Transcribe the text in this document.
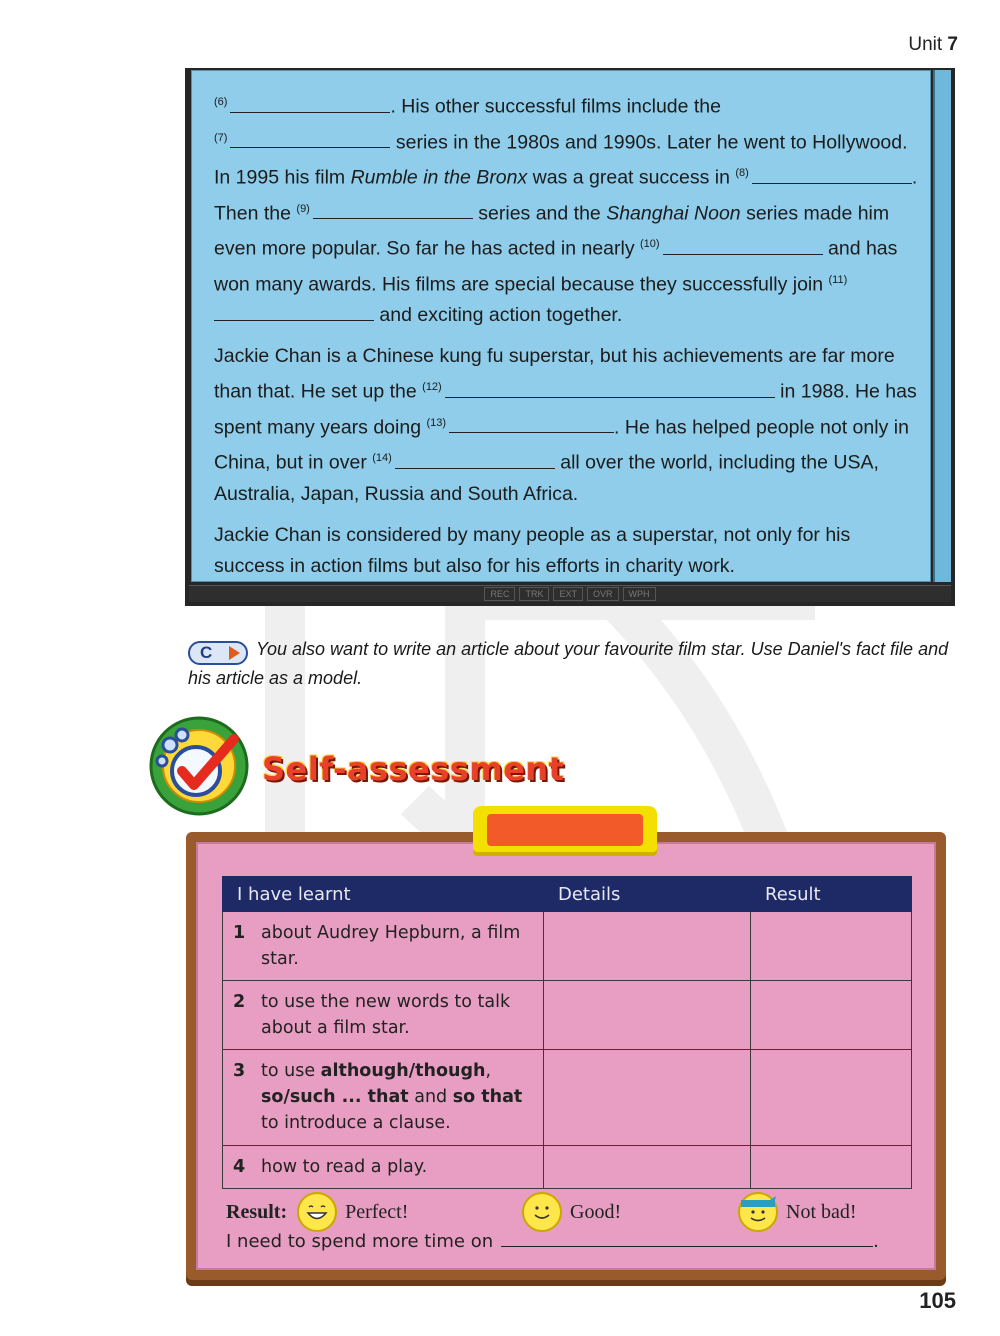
Unit 7

$^{(6)}$	. His other successful films include the
$^{(7)}$	series in the 1980s and 1990s. Later he went to Hollywood. In 1995 his film Rumble in the Bronx was a great success in $^{(8)}$	. Then the $^{(9)}$	series and the Shanghai Noon series made him even more popular. So far he has acted in nearly $^{(10)}$	and has won many awards. His films are special because they successfully join $^{(11)}$ and exciting action together.

Jackie Chan is a Chinese kung fu superstar, but his achievements are far more than that. He set up the $^{(12)}$	in 1988. He has spent many years doing $^{(13)}$	. He has helped people not only in China, but in over $^{(14)}$	all over the world, including the USA, Australia, Japan, Russia and South Africa.

Jackie Chan is considered by many people as a superstar, not only for his success in action films but also for his efforts in charity work.

REC	TRK	EXT	OVR	WPH
C You also want to write an article about your favourite film star. Use Daniel's fact file and his article as a model.
Self-assessment
I have learnt	Details	Result
1 about Audrey Hepburn, a film star.		
2 to use the new words to talk about a film star.		
3 to use although/though, so/such ... that and so that to introduce a clause.		
4 how to read a play.		
Result:	Perfect!	Good!	Not bad!
I need to spend more time on	.
105
